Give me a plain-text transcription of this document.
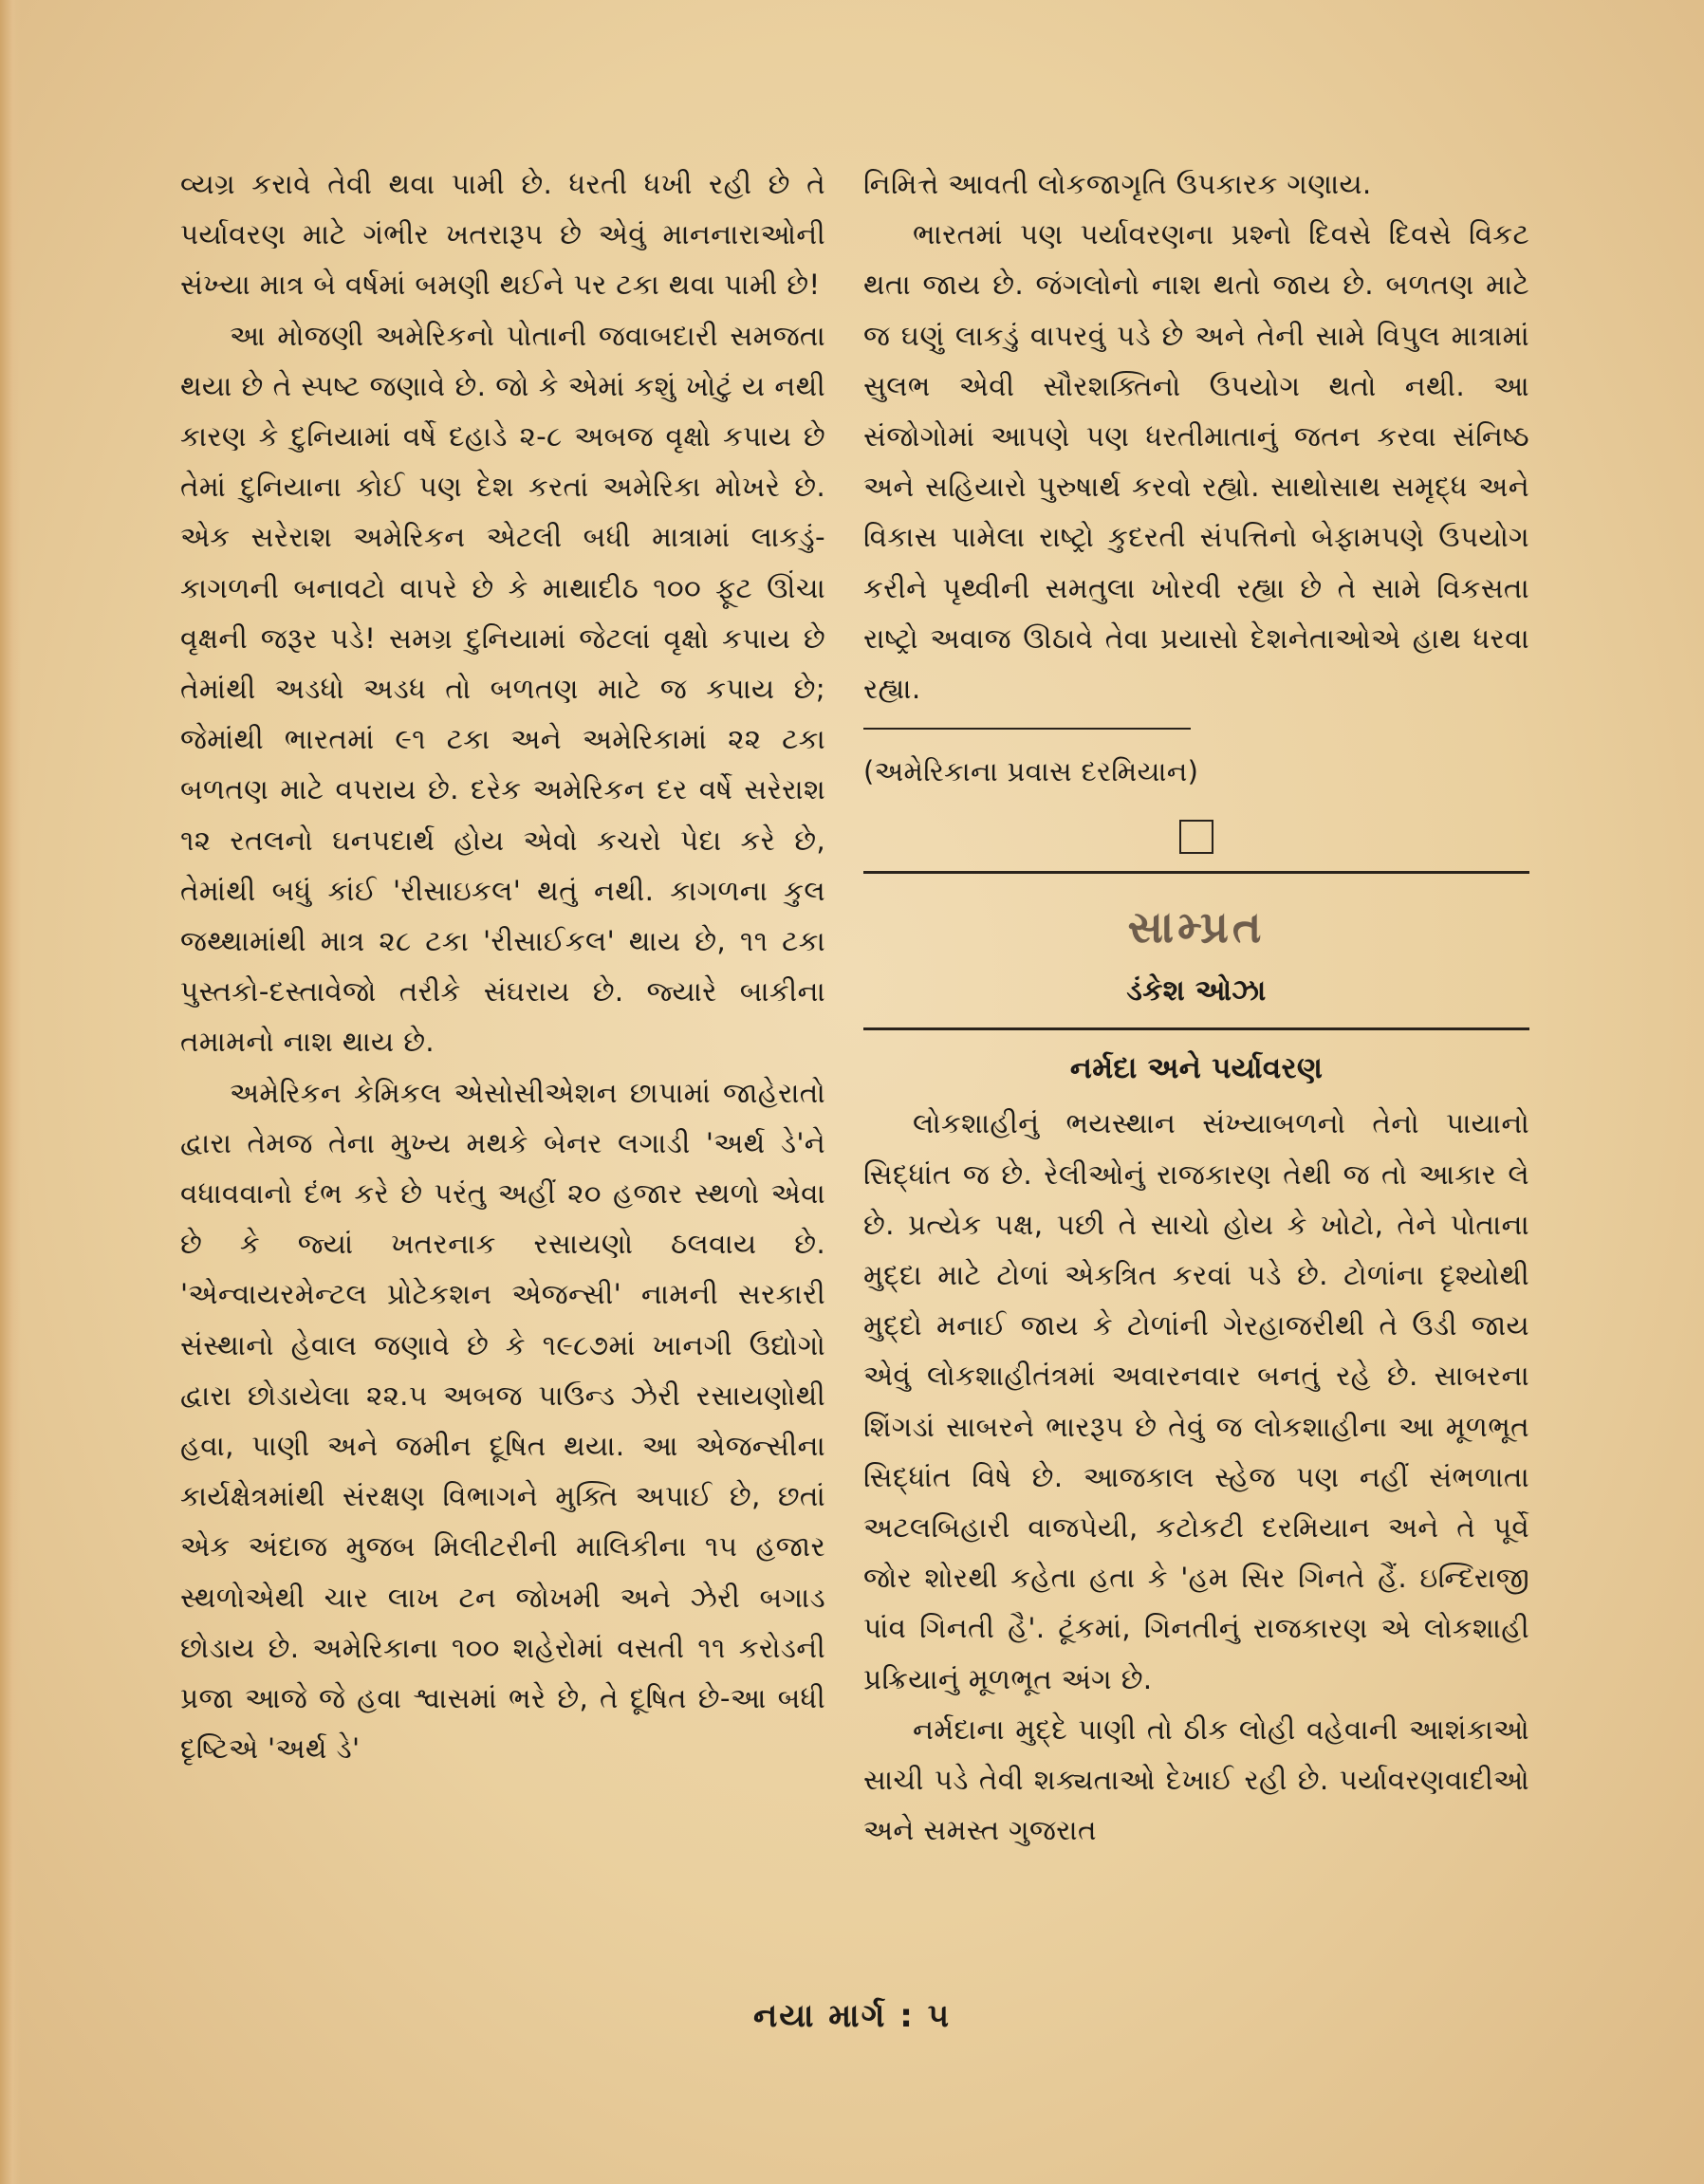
વ્યગ્ર કરાવે તેવી થવા પામી છે. ધરતી ધખી રહી છે તે પર્યાવરણ માટે ગંભીર ખતરારૂપ છે એવું માનનારાઓની સંખ્યા માત્ર બે વર્ષમાં બમણી થઈને પર ટકા થવા પામી છે!

આ મોજણી અમેરિકનો પોતાની જવાબદારી સમજતા થયા છે તે સ્પષ્ટ જણાવે છે. જો કે એમાં કશું ખોટું ય નથી કારણ કે દુનિયામાં વર્ષે દહાડે ૨-૮ અબજ વૃક્ષો કપાય છે તેમાં દુનિયાના કોઈ પણ દેશ કરતાં અમેરિકા મોખરે છે. એક સરેરાશ અમેરિકન એટલી બધી માત્રામાં લાકડું-કાગળની બનાવટો વાપરે છે કે માથાદીઠ ૧૦૦ ફૂટ ઊંચા વૃક્ષની જરૂર પડે! સમગ્ર દુનિયામાં જેટલાં વૃક્ષો કપાય છે તેમાંથી અડધો અડધ તો બળતણ માટે જ કપાય છે; જેમાંથી ભારતમાં ૯૧ ટકા અને અમેરિકામાં ૨૨ ટકા બળતણ માટે વપરાય છે. દરેક અમેરિકન દર વર્ષે સરેરાશ ૧૨ રતલનો ઘનપદાર્થ હોય એવો કચરો પેદા કરે છે, તેમાંથી બધું કાંઈ 'રીસાઇકલ' થતું નથી. કાગળના કુલ જથ્થામાંથી માત્ર ૨૮ ટકા 'રીસાઈકલ' થાય છે, ૧૧ ટકા પુસ્તકો-દસ્તાવેજો તરીકે સંઘરાય છે. જ્યારે બાકીના તમામનો નાશ થાય છે.

અમેરિકન કેમિકલ એસોસીએશન છાપામાં જાહેરાતો દ્વારા તેમજ તેના મુખ્ય મથકે બેનર લગાડી 'અર્થ ડે'ને વધાવવાનો દંભ કરે છે પરંતુ અહીં ૨૦ હજાર સ્થળો એવા છે કે જ્યાં ખતરનાક રસાયણો ઠલવાય છે. 'એન્વાયરમેન્ટલ પ્રોટેકશન એજન્સી' નામની સરકારી સંસ્થાનો હેવાલ જણાવે છે કે ૧૯૮૭માં ખાનગી ઉદ્યોગો દ્વારા છોડાયેલા ૨૨.૫ અબજ પાઉન્ડ ઝેરી રસાયણોથી હવા, પાણી અને જમીન દૂષિત થયા. આ એજન્સીના કાર્યક્ષેત્રમાંથી સંરક્ષણ વિભાગને મુક્તિ અપાઈ છે, છતાં એક અંદાજ મુજબ મિલીટરીની માલિકીના ૧૫ હજાર સ્થળોએથી ચાર લાખ ટન જોખમી અને ઝેરી બગાડ છોડાય છે. અમેરિકાના ૧૦૦ શહેરોમાં વસતી ૧૧ કરોડની પ્રજા આજે જે હવા શ્વાસમાં ભરે છે, તે દૂષિત છે-આ બધી દૃષ્ટિએ 'અર્થ ડે'

નિમિત્તે આવતી લોકજાગૃતિ ઉપકારક ગણાય.

ભારતમાં પણ પર્યાવરણના પ્રશ્નો દિવસે દિવસે વિકટ થતા જાય છે. જંગલોનો નાશ થતો જાય છે. બળતણ માટે જ ઘણું લાકડું વાપરવું પડે છે અને તેની સામે વિપુલ માત્રામાં સુલભ એવી સૌરશક્તિનો ઉપયોગ થતો નથી. આ સંજોગોમાં આપણે પણ ધરતીમાતાનું જતન કરવા સંનિષ્ઠ અને સહિયારો પુરુષાર્થ કરવો રહ્યો. સાથોસાથ સમૃદ્ધ અને વિકાસ પામેલા રાષ્ટ્રો કુદરતી સંપત્તિનો બેફામપણે ઉપયોગ કરીને પૃથ્વીની સમતુલા ખોરવી રહ્યા છે તે સામે વિકસતા રાષ્ટ્રો અવાજ ઊઠાવે તેવા પ્રયાસો દેશનેતાઓએ હાથ ધરવા રહ્યા.

(અમેરિકાના પ્રવાસ દરમિયાન)

સામ્પ્રત
ડંકેશ ઓઝા
નર્મદા અને પર્યાવરણ

લોકશાહીનું ભયસ્થાન સંખ્યાબળનો તેનો પાયાનો સિદ્ધાંત જ છે. રેલીઓનું રાજકારણ તેથી જ તો આકાર લે છે. પ્રત્યેક પક્ષ, પછી તે સાચો હોય કે ખોટો, તેને પોતાના મુદ્દા માટે ટોળાં એકત્રિત કરવાં પડે છે. ટોળાંના દૃશ્યોથી મુદ્દો મનાઈ જાય કે ટોળાંની ગેરહાજરીથી તે ઉડી જાય એવું લોકશાહીતંત્રમાં અવારનવાર બનતું રહે છે. સાબરના શિંગડાં સાબરને ભારરૂપ છે તેવું જ લોકશાહીના આ મૂળભૂત સિદ્ધાંત વિષે છે. આજકાલ સ્હેજ પણ નહીં સંભળાતા અટલબિહારી વાજપેયી, કટોકટી દરમિયાન અને તે પૂર્વે જોર શોરથી કહેતા હતા કે 'હમ સિર ગિનતે હૈં. ઇન્દિરાજી પાંવ ગિનતી હૈ'. ટૂંકમાં, ગિનતીનું રાજકારણ એ લોકશાહી પ્રક્રિયાનું મૂળભૂત અંગ છે.

નર્મદાના મુદ્દે પાણી તો ઠીક લોહી વહેવાની આશંકાઓ સાચી પડે તેવી શક્યતાઓ દેખાઈ રહી છે. પર્યાવરણવાદીઓ અને સમસ્ત ગુજરાત

નયા માર્ગ : ૫
